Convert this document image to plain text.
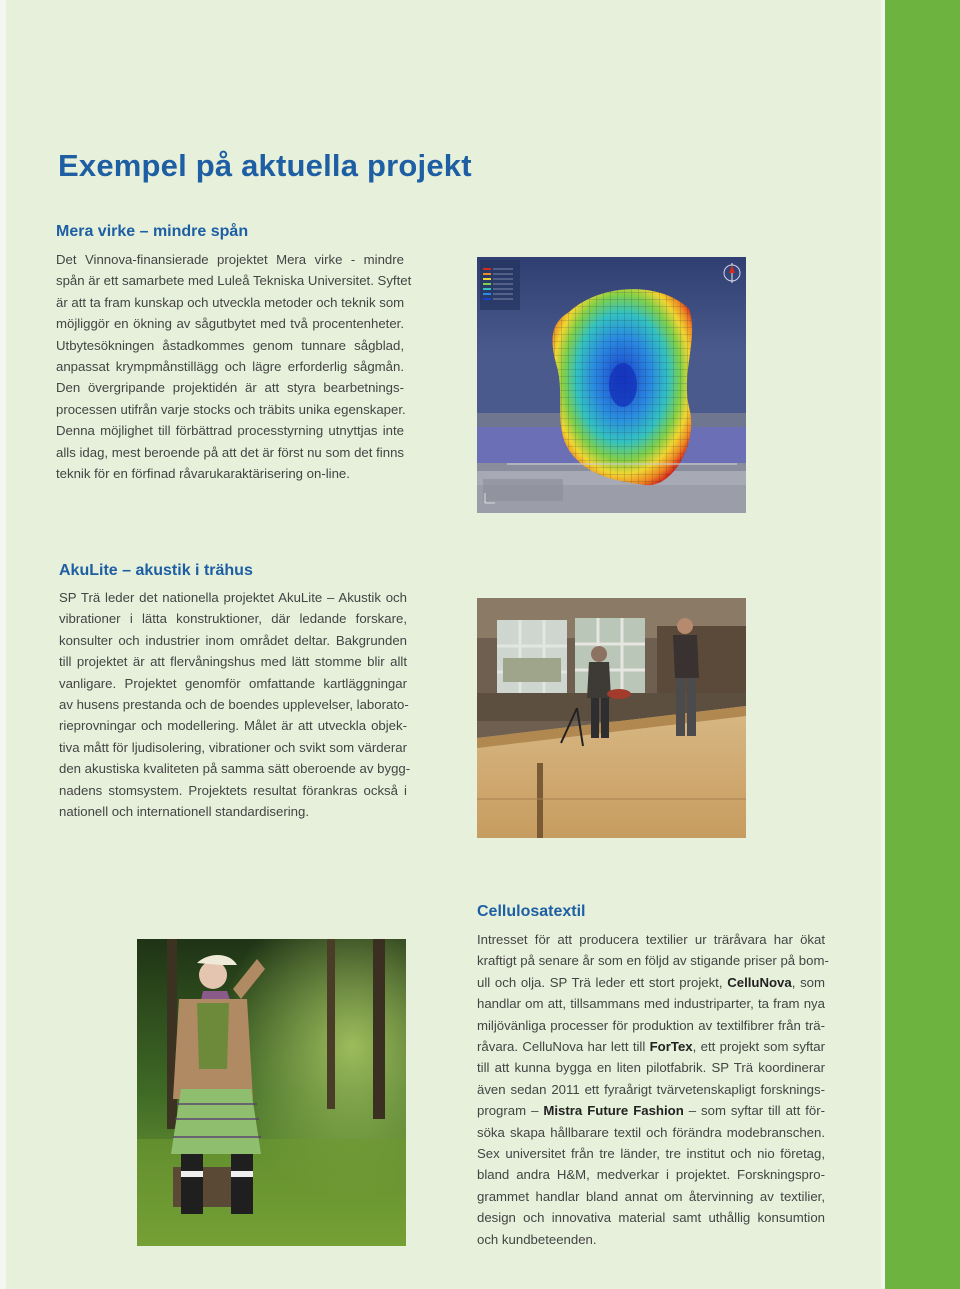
Exempel på aktuella projekt
Mera virke – mindre spån
Det Vinnova-finansierade projektet Mera virke - mindre
spån är ett samarbete med Luleå Tekniska Universitet. Syftet
är att ta fram kunskap och utveckla metoder och teknik som
möjliggör en ökning av sågutbytet med två procentenheter.
Utbytesökningen åstadkommes genom tunnare sågblad,
anpassat krympmånstillägg och lägre erforderlig sågmån.
Den övergripande projektidén är att styra bearbetnings-
processen utifrån varje stocks och träbits unika egenskaper.
Denna möjlighet till förbättrad processtyrning utnyttjas inte
alls idag, mest beroende på att det är först nu som det finns
teknik för en förfinad råvarukaraktärisering on-line.
AkuLite – akustik i trähus
SP Trä leder det nationella projektet AkuLite – Akustik och
vibrationer i lätta konstruktioner, där ledande forskare,
konsulter och industrier inom området deltar. Bakgrunden
till projektet är att flervåningshus med lätt stomme blir allt
vanligare. Projektet genomför omfattande kartläggningar
av husens prestanda och de boendes upplevelser, laborato-
rieprovningar och modellering. Målet är att utveckla objek-
tiva mått för ljudisolering, vibrationer och svikt som värderar
den akustiska kvaliteten på samma sätt oberoende av bygg-
nadens stomsystem. Projektets resultat förankras också i
nationell och internationell standardisering.
Cellulosatextil
Intresset för att producera textilier ur träråvara har ökat
kraftigt på senare år som en följd av stigande priser på bom-
ull och olja. SP Trä leder ett stort projekt, CelluNova, som
handlar om att, tillsammans med industriparter, ta fram nya
miljövänliga processer för produktion av textilfibrer från trä-
råvara. CelluNova har lett till ForTex, ett projekt som syftar
till att kunna bygga en liten pilotfabrik. SP Trä koordinerar
även sedan 2011 ett fyraårigt tvärvetenskapligt forsknings-
program – Mistra Future Fashion – som syftar till att för-
söka skapa hållbarare textil och förändra modebranschen.
Sex universitet från tre länder, tre institut och nio företag,
bland andra H&M, medverkar i projektet. Forskningspro-
grammet handlar bland annat om återvinning av textilier,
design och innovativa material samt uthållig konsumtion
och kundbeteenden.
